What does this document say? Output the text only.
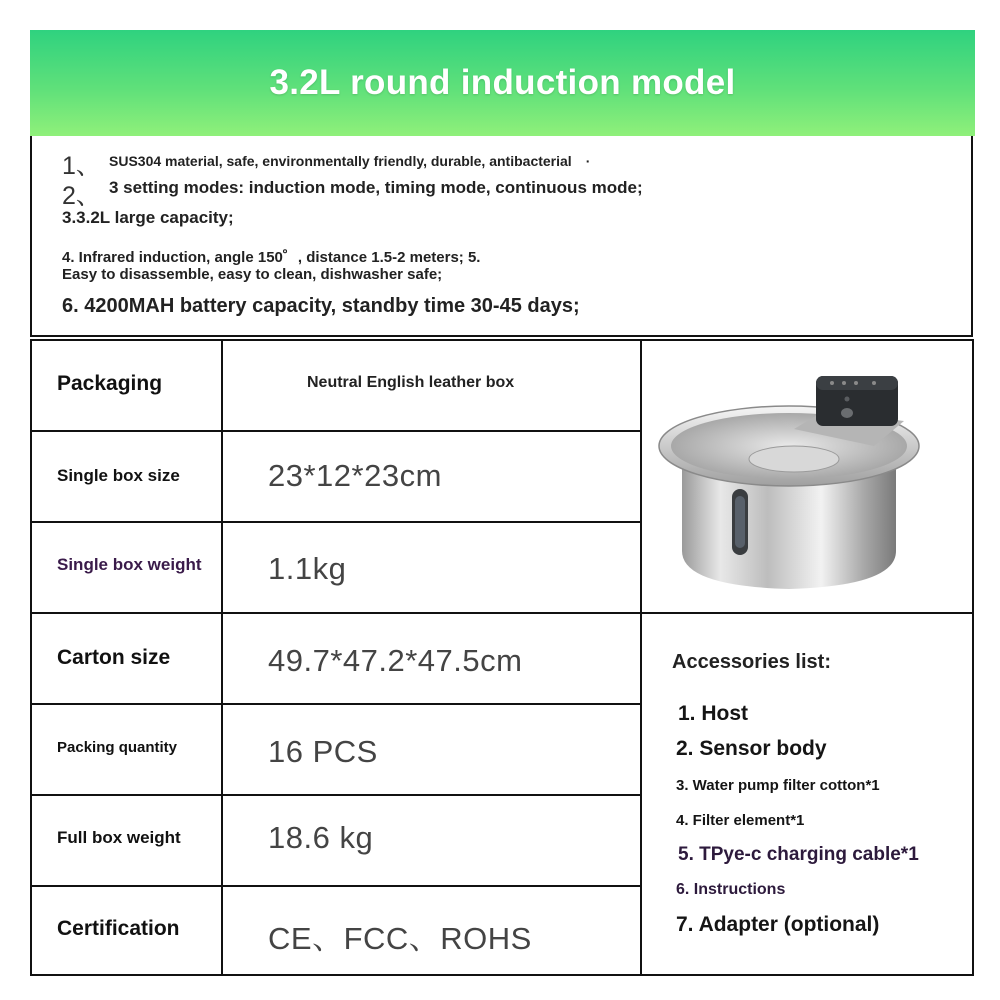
3.2L round induction model
1、 SUS304 material, safe, environmentally friendly, durable, antibacterial　·
2、 3 setting modes: induction mode, timing mode, continuous mode;
3.3.2L large capacity;
4. Infrared induction, angle 150゜, distance 1.5-2 meters; 5.
Easy to disassemble, easy to clean, dishwasher safe;
6. 4200MAH battery capacity, standby time 30-45 days;
Packaging	Neutral English leather box
Single box size	23*12*23cm
Single box weight 1.1kg
Carton size	49.7*47.2*47.5cm
Packing quantity	16 PCS
Full box weight	18.6 kg
Certification	CE、FCC、ROHS
Accessories list:
1. Host
2. Sensor body
3. Water pump filter cotton*1
4. Filter element*1
5. TPye-c charging cable*1
6. Instructions
7. Adapter (optional)
